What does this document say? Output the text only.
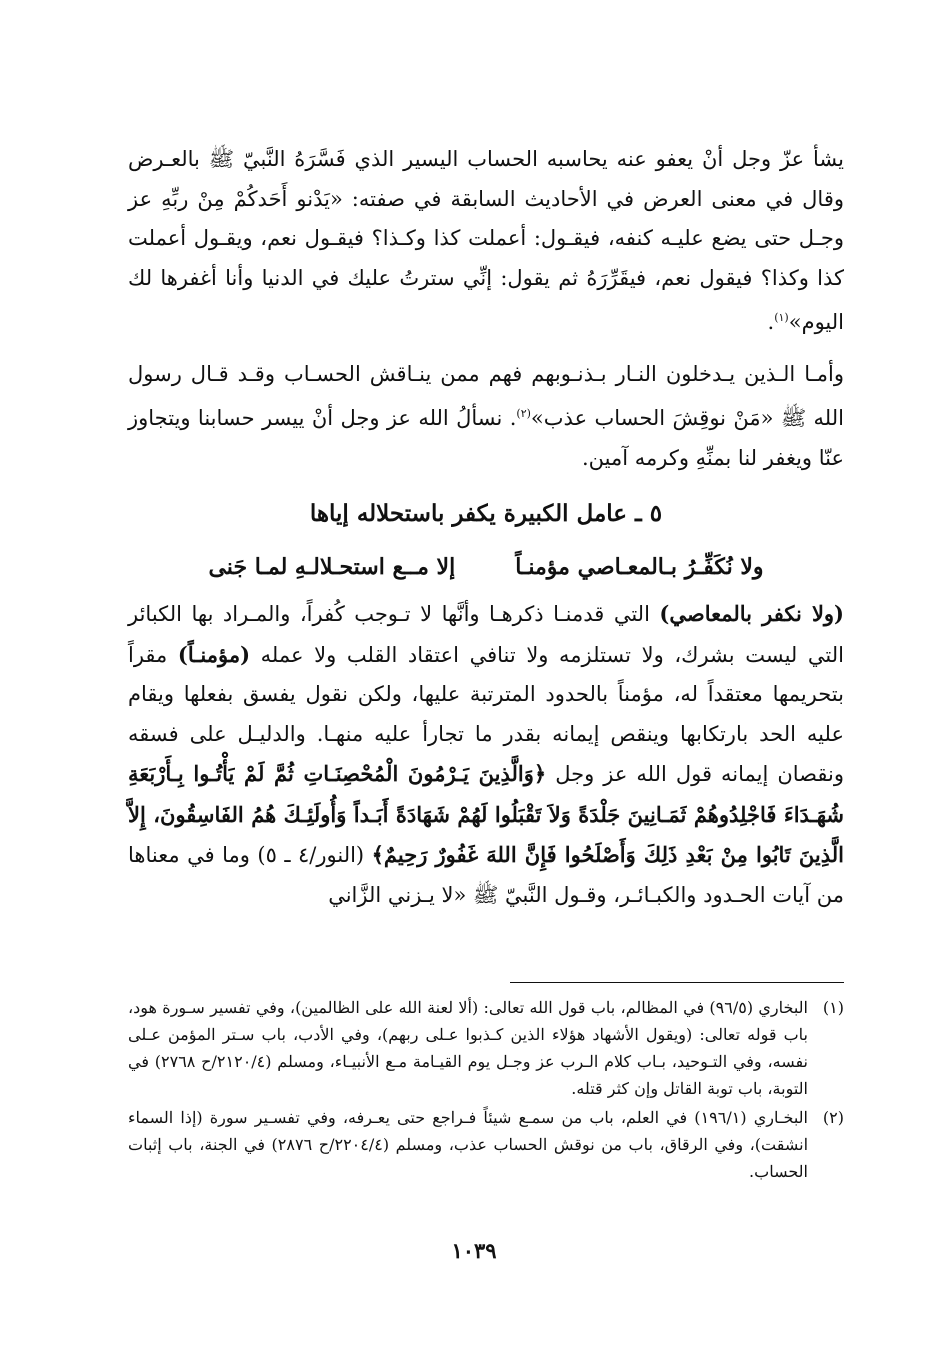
يشأ عزّ وجل أنْ يعفو عنه يحاسبه الحساب اليسير الذي فَسَّرَهُ النَّبيّ ﷺ بالعـرض وقال في معنى العرض في الأحاديث السابقة في صفته: «يَدْنو أَحَدكُمْ مِنْ ربِّهِ عز وجـل حتى يضع عليـه كنفه، فيقـول: أعملت كذا وكـذا؟ فيقـول نعم، ويقـول أعملت كذا وكذا؟ فيقول نعم، فيقَرِّرَهُ ثم يقول: إنِّي سترتُ عليك في الدنيا وأنا أغفرها لك اليوم»$^{(١)}$.

وأمـا الـذين يـدخلون النـار بـذنـوبهم فهم ممن ينـاقش الحسـاب وقـد قـال رسول الله ﷺ «مَنْ نوقِشَ الحساب عذب»$^{(٢)}$. نسألُ الله عز وجل أنْ ييسر حسابنا ويتجاوز عنّا ويغفر لنا بمنِّهِ وكرمه آمين.

٥ ـ عامل الكبيرة يكفر باستحلاله إياها
ولا نُكَفِّـرُ بـالمعـاصي مؤمنـاً
إلا مــع استحـلالـهِ لمـا جَنى

(ولا نكفر بالمعاصي) التي قدمنـا ذكرهـا وأنَّها لا تـوجب كُفراً، والمـراد بها الكبائر التي ليست بشرك، ولا تستلزمه ولا تنافي اعتقاد القلب ولا عمله (مؤمنـاً) مقراً بتحريمها معتقداً له، مؤمناً بالحدود المترتبة عليها، ولكن نقول يفسق بفعلها ويقام عليه الحد بارتكابها وينقص إيمانه بقدر ما تجارأ عليه منهـا. والدليـل على فسقه ونقصان إيمانه قول الله عز وجل ﴿وَالَّذِينَ يَـرْمُونَ الْمُحْصِنَـاتِ ثُمَّ لَمْ يَأْتُـوا بِـأَرْبَعَةِ شُهَـدَاءَ فَاجْلِدُوهُمْ ثَمَـانِينَ جَلْدَةً وَلاَ تَقْبَلُوا لَهُمْ شَهَادَةً أَبَـداً وَأُولَئِـكَ هُمُ الفَاسِقُونَ، إِلاَّ الَّذِينَ تَابُوا مِنْ بَعْدِ ذَلِكَ وَأَصْلَحُوا فَإِنَّ اللهَ غَفُورٌ رَحِيمٌ﴾ (النور/٤ ـ ٥) وما في معناها من آيات الحـدود والكبـائـر، وقـول النَّبيّ ﷺ «لا يـزني الزَّاني

(١)
البخاري (٩٦/٥) في المظالم، باب قول الله تعالى: (ألا لعنة الله على الظالمين)، وفي تفسير سـورة هود، باب قوله تعالى: (ويقول الأشهاد هؤلاء الذين كـذبوا عـلى ربهم)، وفي الأدب، باب سـتر المؤمن عـلى نفسه، وفي التـوحيد، بـاب كلام الـرب عز وجـل يوم القيـامة مـع الأنبيـاء، ومسلم (٢١٢٠/٤/ح ٢٧٦٨) في التوبة، باب توبة القاتل وإن كثر قتله.
(٢)
البخـاري (١٩٦/١) في العلم، باب من سمـع شيئاً فـراجع حتى يعـرفه، وفي تفسـير سورة (إذا السماء انشقت)، وفي الرقاق، باب من نوقش الحساب عذب، ومسلم (٢٢٠٤/٤/ح ٢٨٧٦) في الجنة، باب إثبات الحساب.
١٠٣٩
